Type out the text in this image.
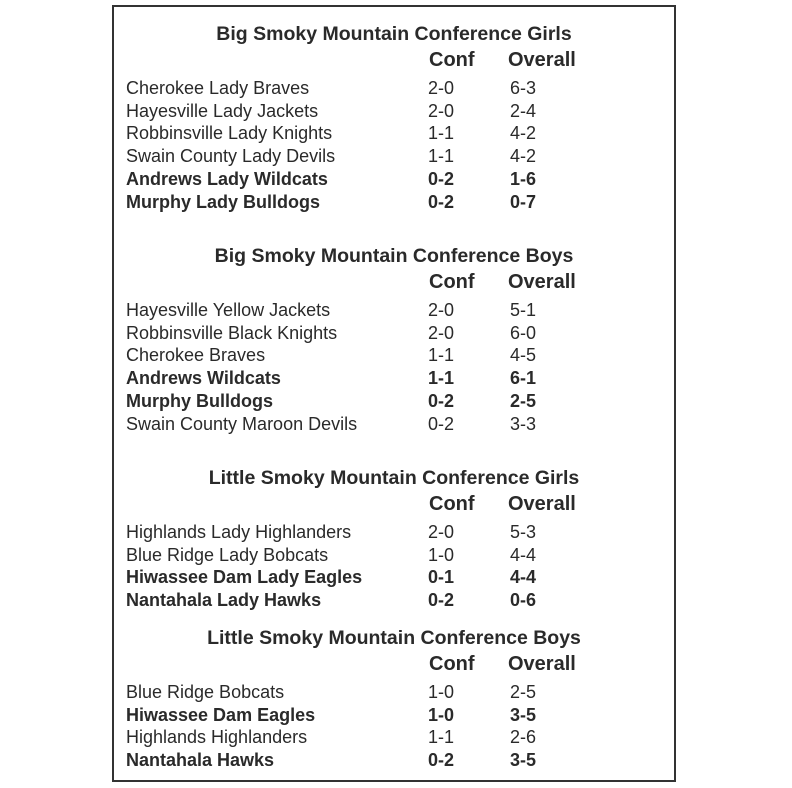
Big Smoky Mountain Conference Girls
Conf Overall
Cherokee Lady Braves	2-0	6-3
Hayesville Lady Jackets	2-0	2-4
Robbinsville Lady Knights	1-1	4-2
Swain County Lady Devils	1-1	4-2
Andrews Lady Wildcats	0-2	1-6
Murphy Lady Bulldogs	0-2	0-7
Big Smoky Mountain Conference Boys
Conf Overall
Hayesville Yellow Jackets	2-0	5-1
Robbinsville Black Knights	2-0	6-0
Cherokee Braves	1-1	4-5
Andrews Wildcats	1-1	6-1
Murphy Bulldogs	0-2	2-5
Swain County Maroon Devils	0-2	3-3
Little Smoky Mountain Conference Girls
Conf Overall
Highlands Lady Highlanders	2-0	5-3
Blue Ridge Lady Bobcats	1-0	4-4
Hiwassee Dam Lady Eagles	0-1	4-4
Nantahala Lady Hawks	0-2	0-6
Little Smoky Mountain Conference Boys
Conf Overall
Blue Ridge Bobcats	1-0	2-5
Hiwassee Dam Eagles	1-0	3-5
Highlands Highlanders	1-1	2-6
Nantahala Hawks	0-2	3-5
